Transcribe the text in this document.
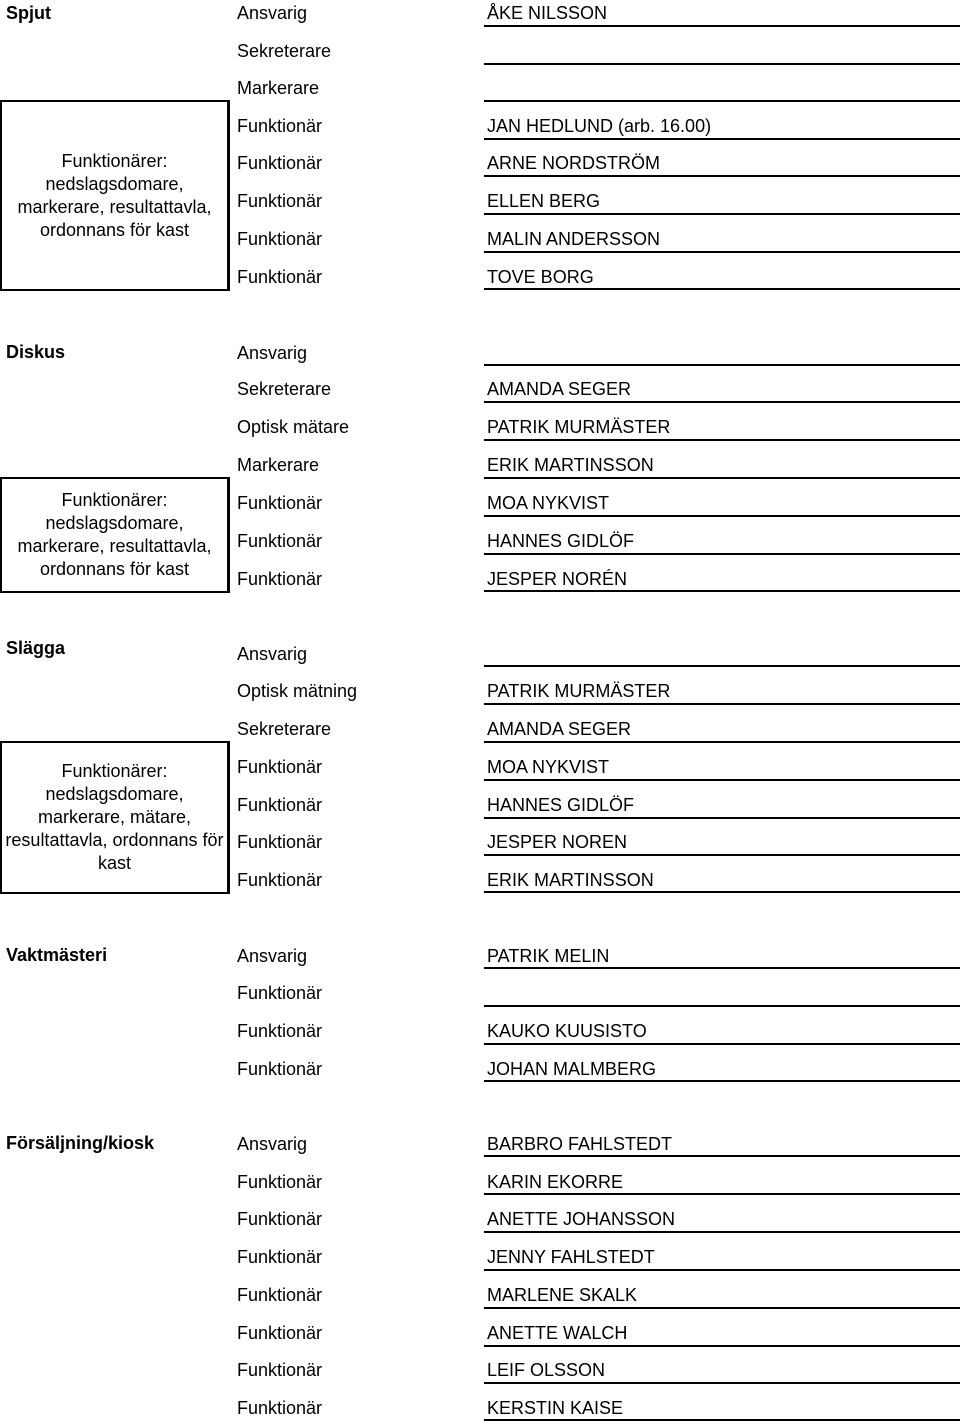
Spjut	Ansvarig	ÅKE NILSSON
Sekreterare
Markerare
Funktionär	JAN HEDLUND (arb. 16.00)
Funktionär	ARNE NORDSTRÖM
Funktionär	ELLEN BERG
Funktionär	MALIN ANDERSSON
Funktionär	TOVE BORG
Funktionärer:
nedslagsdomare,
markerare, resultattavla,
ordonnans för kast
Diskus	Ansvarig
Sekreterare	AMANDA SEGER
Optisk mätare	PATRIK MURMÄSTER
Markerare	ERIK MARTINSSON
Funktionär	MOA NYKVIST
Funktionär	HANNES GIDLÖF
Funktionär	JESPER NORÉN
Funktionärer:
nedslagsdomare,
markerare, resultattavla,
ordonnans för kast
Slägga	Ansvarig
Optisk mätning	PATRIK MURMÄSTER
Sekreterare	AMANDA SEGER
Funktionär	MOA NYKVIST
Funktionär	HANNES GIDLÖF
Funktionär	JESPER NOREN
Funktionär	ERIK MARTINSSON
Funktionärer:
nedslagsdomare,
markerare, mätare,
resultattavla, ordonnans för
kast
Vaktmästeri	Ansvarig	PATRIK MELIN
Funktionär
Funktionär	KAUKO KUUSISTO
Funktionär	JOHAN MALMBERG
Försäljning/kiosk	Ansvarig	BARBRO FAHLSTEDT
Funktionär	KARIN EKORRE
Funktionär	ANETTE JOHANSSON
Funktionär	JENNY FAHLSTEDT
Funktionär	MARLENE SKALK
Funktionär	ANETTE WALCH
Funktionär	LEIF OLSSON
Funktionär	KERSTIN KAISE
